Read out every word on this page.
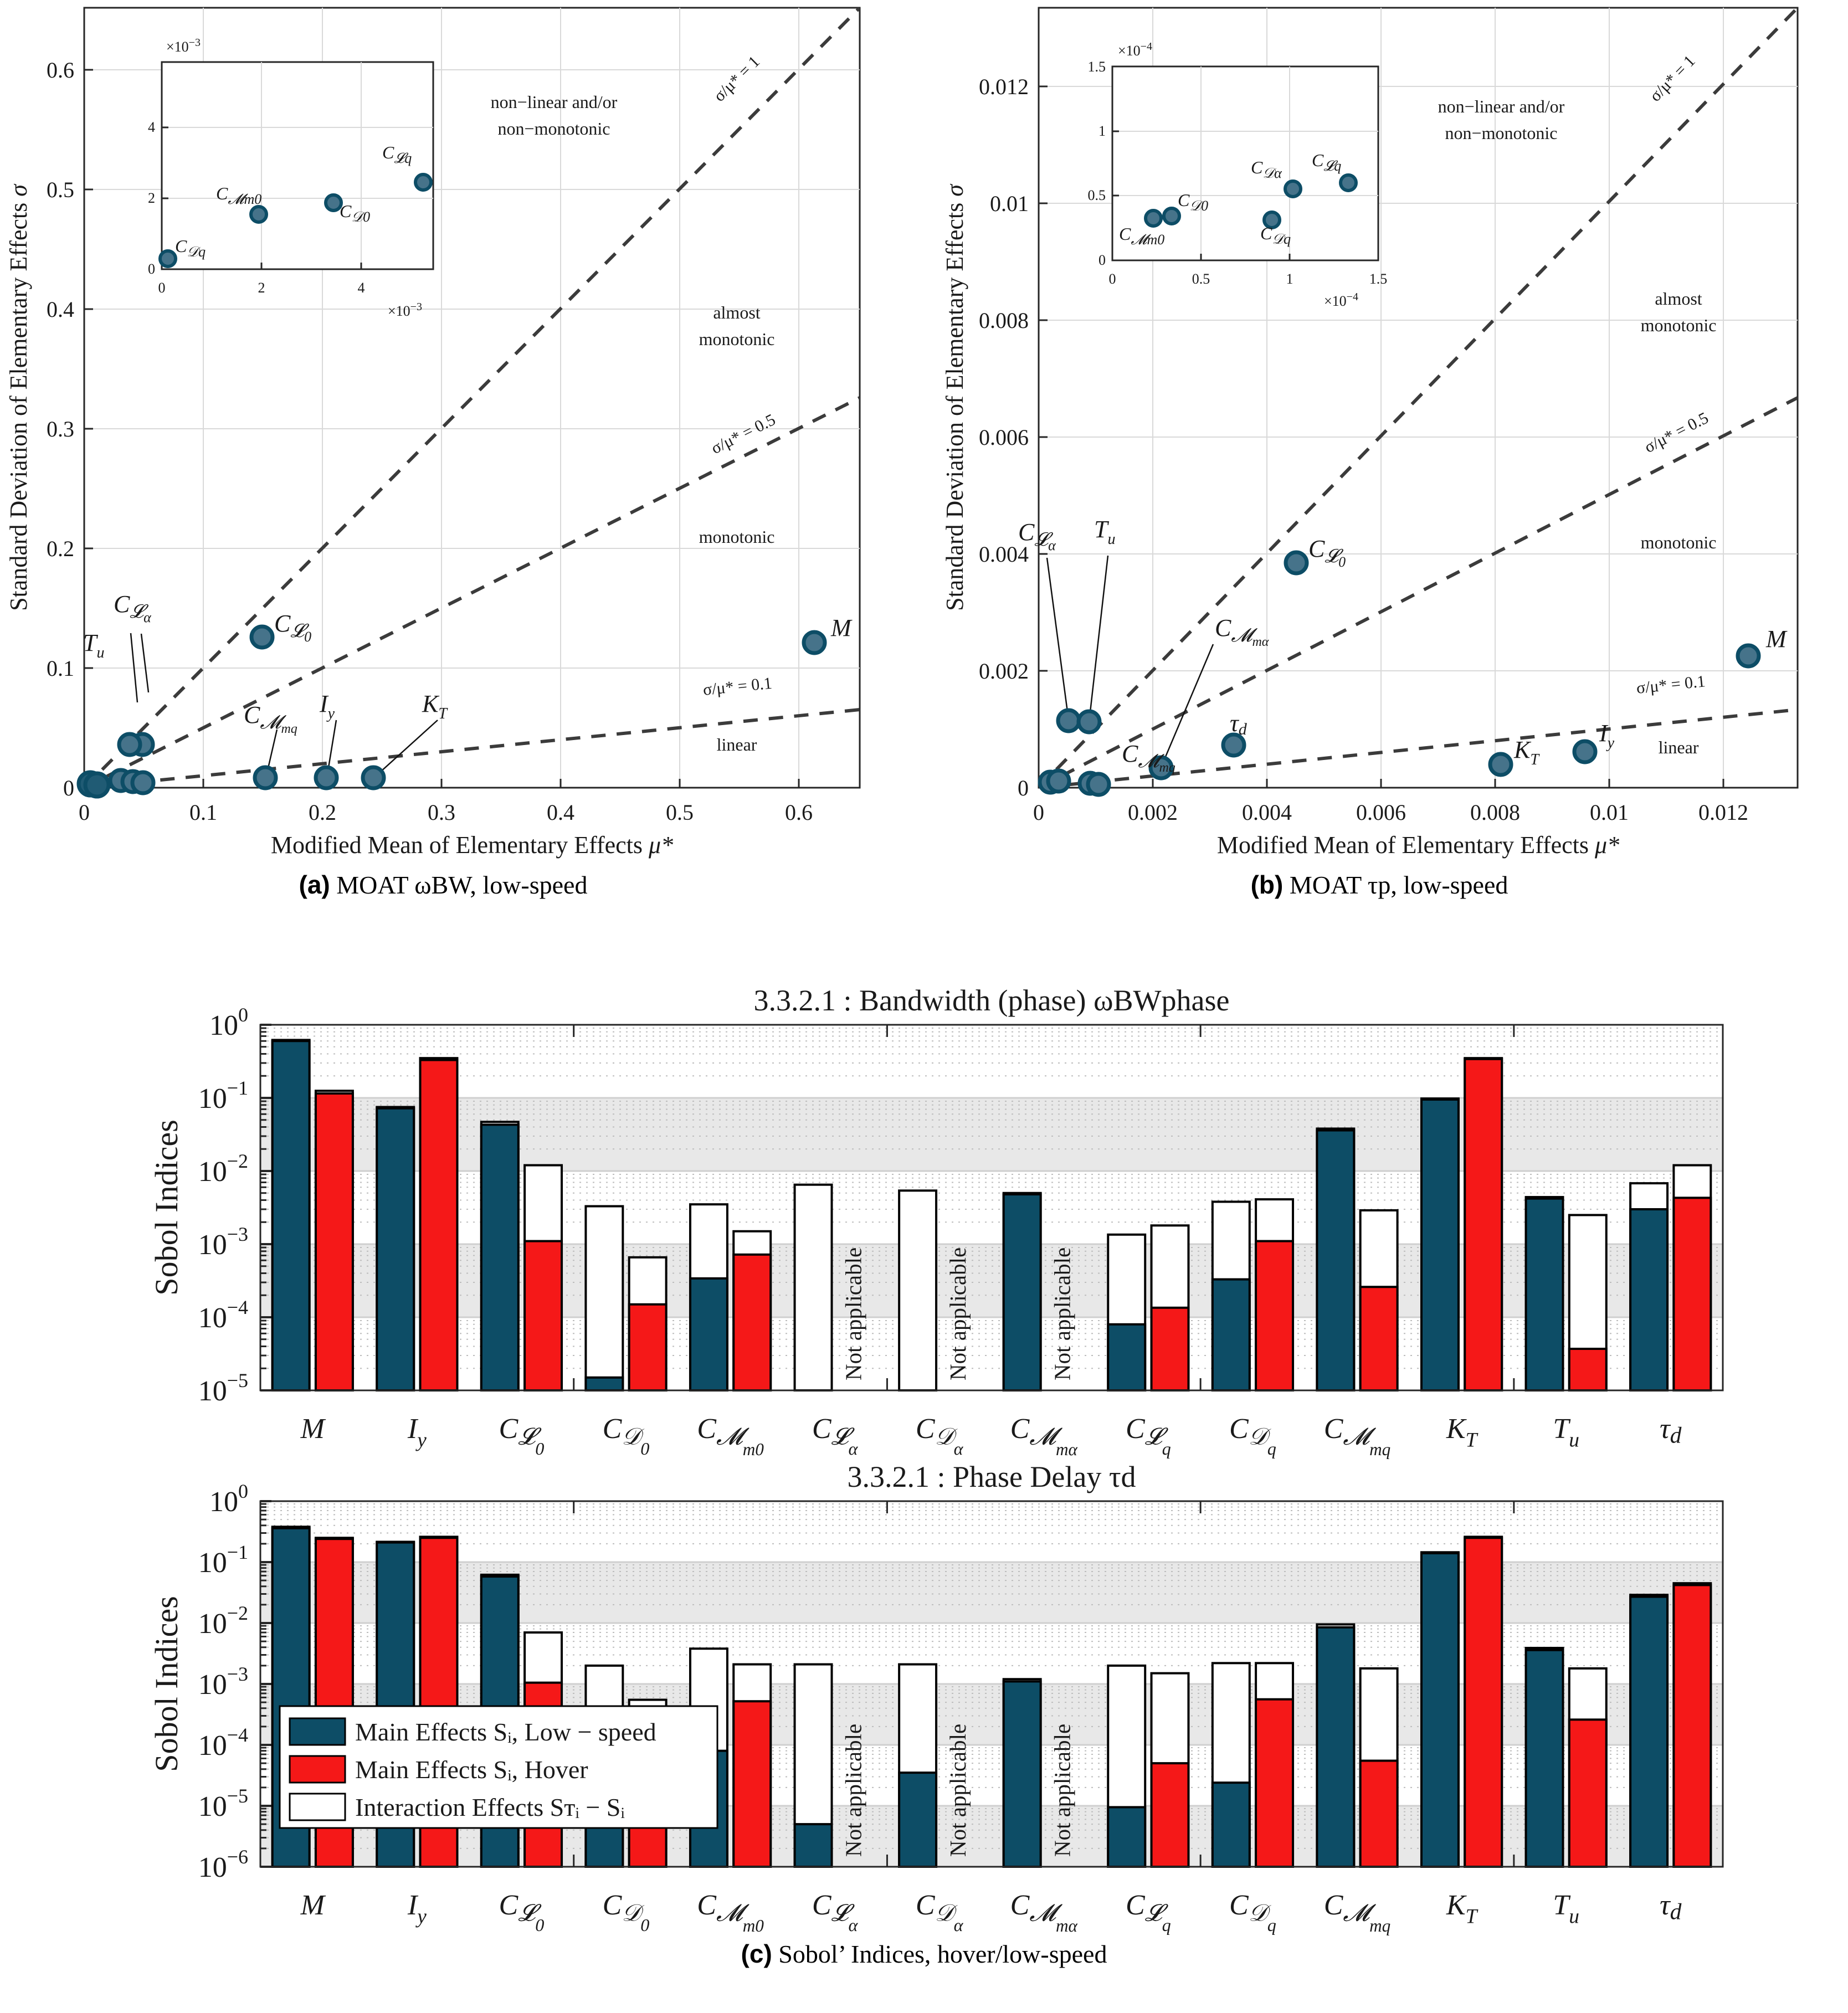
σ/μ* = 1
σ/μ* = 0.5
σ/μ* = 0.1
non−linear and/or
non−monotonic
almost
monotonic
monotonic
linear
M
$C_𝓛0$
$C_𝓛\alpha$
$T_u$
$C_𝓜mq$
$I_y$	$K_T$
0	0.1	0.2	0.3	0.4	0.5	0.6
0
0.1
0.2
0.3
0.4
0.5
0.6
Modified Mean of Elementary Effects μ*
Standard Deviation of Elementary Effects σ
$\times 10^{-3}$
$\times 10^{-3}$
0
2
4
0	2	4
$C_{𝒟q}$
$C_{𝓜m0}$
$C_{𝒟0}$
$C_{𝓛q}$
(a) MOAT ωBW, low-speed
σ/μ* = 1
σ/μ* = 0.5
σ/μ* = 0.1
non−linear and/or
non−monotonic
almost
monotonic
monotonic
linear
M
$C_𝓛0$
$C_𝓛\alpha$
$T_u$
$C_𝓜m\alpha$
$C_𝓜mq$
τd
$K_T$
$I_y$
0	0.002	0.004	0.006	0.008	0.01	0.012
0
0.002
0.004
0.006
0.008
0.01
0.012
Modified Mean of Elementary Effects μ*
Standard Deviation of Elementary Effects σ
$\times 10^{-4}$
$\times 10^{-4}$
0
0.5
1
1.5
0	0.5	1	1.5
$C_{𝓜m0}$
$C_{𝒟0}$
$C_{𝒟q}$
$C_{𝒟\alpha}$
$C_{𝓛q}$
(b) MOAT τp, low-speed
M	$I_y$	$C_{𝓛0}$
$C_{𝒟0}$
$C_{𝓜m0}$
Not applicable
$C_{𝓛\alpha}$
Not applicable
$C_{𝒟\alpha}$
Not applicable
$C_{𝓜m\alpha}$
$C_{𝓛q}$
$C_{𝒟q}$
$C_{𝓜mq}$
$K_T$	$T_u$	τd
$10^0$
$10^{-1}$
$10^{-2}$
$10^{-3}$
$10^{-4}$
$10^{-5}$
3.3.2.1 : Bandwidth (phase) ωBWphase
Sobol Indices
M	$I_y$	$C_{𝓛0}$
$C_{𝒟0}$
$C_{𝓜m0}$
Not applicable
$C_{𝓛\alpha}$
Not applicable
$C_{𝒟\alpha}$
Not applicable
$C_{𝓜m\alpha}$
$C_{𝓛q}$
$C_{𝒟q}$
$C_{𝓜mq}$
$K_T$	$T_u$	τd
$10^0$
$10^{-1}$
$10^{-2}$
$10^{-3}$
$10^{-4}$
$10^{-5}$
$10^{-6}$
3.3.2.1 : Phase Delay τd
Sobol Indices	Main Effects Sᵢ, Low − speed
Main Effects Sᵢ, Hover
Interaction Effects Sᴛᵢ − Sᵢ
(c) Sobol’ Indices, hover/low-speed
